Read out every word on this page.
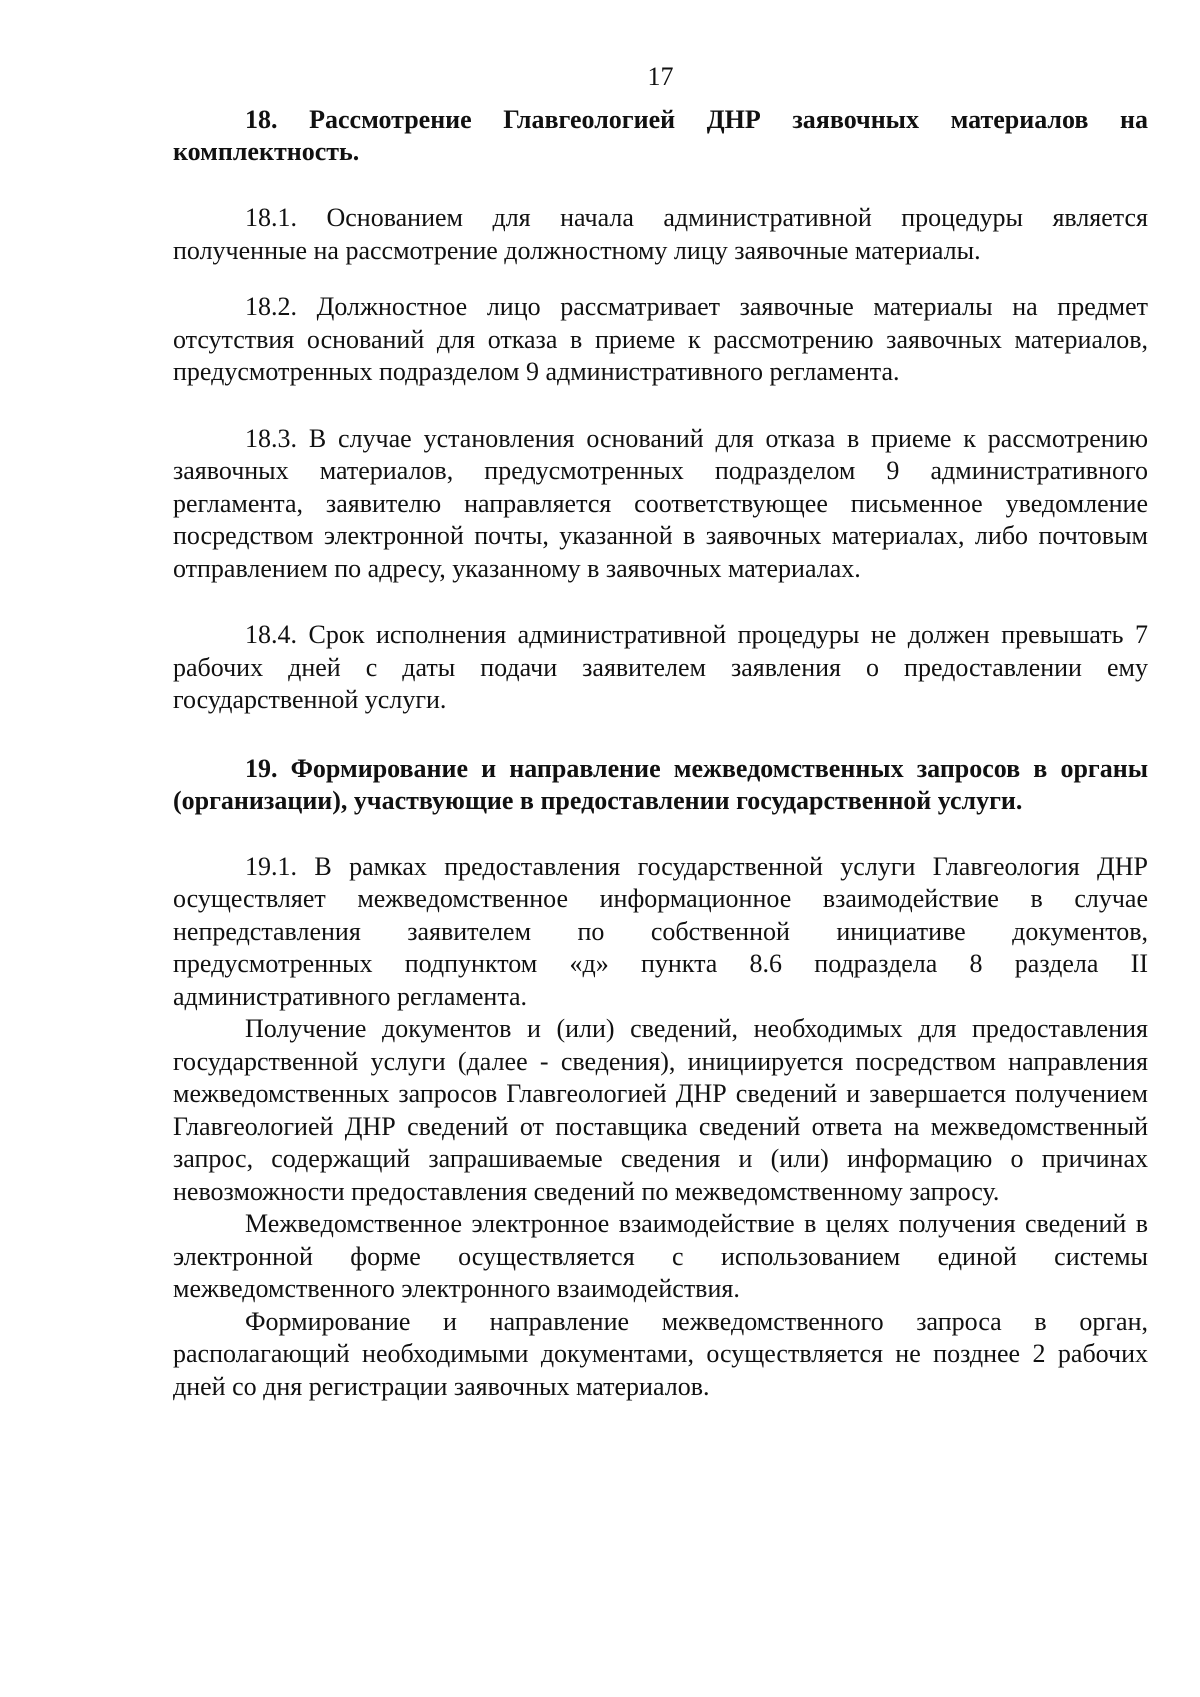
17
18. Рассмотрение Главгеологией ДНР заявочных материалов на комплектность.

18.1. Основанием для начала административной процедуры является полученные на рассмотрение должностному лицу заявочные материалы.

18.2. Должностное лицо рассматривает заявочные материалы на предмет отсутствия оснований для отказа в приеме к рассмотрению заявочных материалов, предусмотренных подразделом 9 административного регламента.

18.3. В случае установления оснований для отказа в приеме к рассмотрению заявочных материалов, предусмотренных подразделом 9 административного регламента, заявителю направляется соответствующее письменное уведомление посредством электронной почты, указанной в заявочных материалах, либо почтовым отправлением по адресу, указанному в заявочных материалах.

18.4. Срок исполнения административной процедуры не должен превышать 7 рабочих дней с даты подачи заявителем заявления о предоставлении ему государственной услуги.

19. Формирование и направление межведомственных запросов в органы (организации), участвующие в предоставлении государственной услуги.

19.1. В рамках предоставления государственной услуги Главгеология ДНР осуществляет межведомственное информационное взаимодействие в случае непредставления заявителем по собственной инициативе документов, предусмотренных подпунктом «д» пункта 8.6 подраздела 8 раздела II административного регламента.

Получение документов и (или) сведений, необходимых для предоставления государственной услуги (далее - сведения), инициируется посредством направления межведомственных запросов Главгеологией ДНР сведений и завершается получением Главгеологией ДНР сведений от поставщика сведений ответа на межведомственный запрос, содержащий запрашиваемые сведения и (или) информацию о причинах невозможности предоставления сведений по межведомственному запросу.

Межведомственное электронное взаимодействие в целях получения сведений в электронной форме осуществляется с использованием единой системы межведомственного электронного взаимодействия.

Формирование и направление межведомственного запроса в орган, располагающий необходимыми документами, осуществляется не позднее 2 рабочих дней со дня регистрации заявочных материалов.
